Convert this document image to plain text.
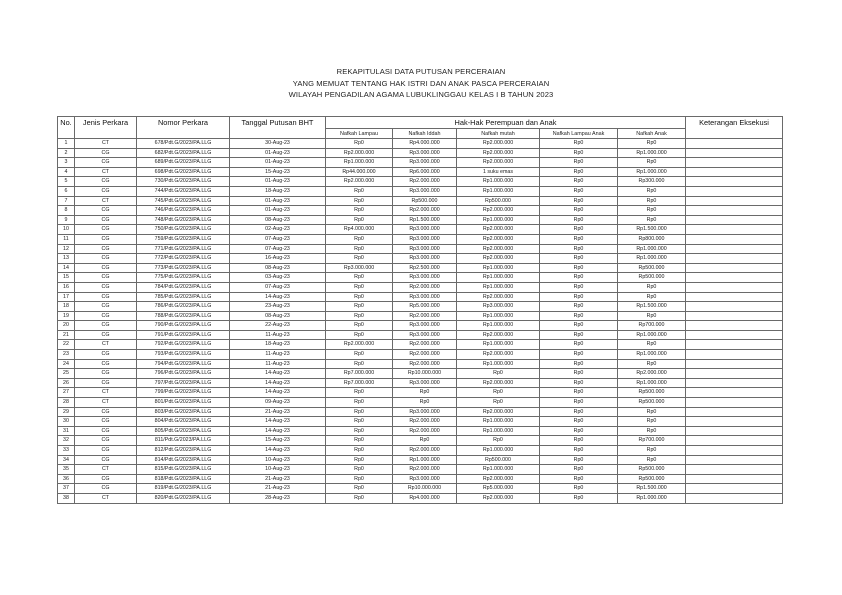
REKAPITULASI DATA PUTUSAN PERCERAIAN
YANG MEMUAT TENTANG HAK ISTRI DAN ANAK PASCA PERCERAIAN
WILAYAH PENGADILAN AGAMA LUBUKLINGGAU KELAS I B TAHUN 2023
No.	Jenis Perkara	Nomor Perkara	Tanggal Putusan BHT	Hak-Hak Perempuan dan Anak					Keterangan Eksekusi
				Nafkah Lampau	Nafkah Iddah	Nafkah mutah	Nafkah Lampau Anak	Nafkah Anak	
1	CT	678/Pdt.G/2023/PA.LLG	30-Aug-23	Rp0	Rp4.000.000	Rp2.000.000	Rp0	Rp0	
2	CG	682/Pdt.G/2023/PA.LLG	01-Aug-23	Rp2.000.000	Rp3.000.000	Rp2.000.000	Rp0	Rp1.000.000	
3	CG	689/Pdt.G/2023/PA.LLG	01-Aug-23	Rp1.000.000	Rp3.000.000	Rp2.000.000	Rp0	Rp0	
4	CT	698/Pdt.G/2023/PA.LLG	15-Aug-23	Rp44.000.000	Rp6.000.000	1 suku emas	Rp0	Rp1.000.000	
5	CG	730/Pdt.G/2023/PA.LLG	01-Aug-23	Rp2.000.000	Rp2.000.000	Rp1.000.000	Rp0	Rp300.000	
6	CG	744/Pdt.G/2023/PA.LLG	18-Aug-23	Rp0	Rp3.000.000	Rp1.000.000	Rp0	Rp0	
7	CT	745/Pdt.G/2023/PA.LLG	01-Aug-23	Rp0	Rp500.000	Rp500.000	Rp0	Rp0	
8	CG	746/Pdt.G/2023/PA.LLG	01-Aug-23	Rp0	Rp2.000.000	Rp2.000.000	Rp0	Rp0	
9	CG	748/Pdt.G/2023/PA.LLG	08-Aug-23	Rp0	Rp1.500.000	Rp1.000.000	Rp0	Rp0	
10	CG	750/Pdt.G/2023/PA.LLG	02-Aug-23	Rp4.000.000	Rp3.000.000	Rp2.000.000	Rp0	Rp1.500.000	
11	CG	759/Pdt.G/2023/PA.LLG	07-Aug-23	Rp0	Rp3.000.000	Rp2.000.000	Rp0	Rp800.000	
12	CG	771/Pdt.G/2023/PA.LLG	07-Aug-23	Rp0	Rp3.000.000	Rp2.000.000	Rp0	Rp1.000.000	
13	CG	772/Pdt.G/2023/PA.LLG	16-Aug-23	Rp0	Rp3.000.000	Rp2.000.000	Rp0	Rp1.000.000	
14	CG	773/Pdt.G/2023/PA.LLG	08-Aug-23	Rp3.000.000	Rp2.500.000	Rp1.000.000	Rp0	Rp500.000	
15	CG	775/Pdt.G/2023/PA.LLG	03-Aug-23	Rp0	Rp3.000.000	Rp1.000.000	Rp0	Rp500.000	
16	CG	784/Pdt.G/2023/PA.LLG	07-Aug-23	Rp0	Rp2.000.000	Rp1.000.000	Rp0	Rp0	
17	CG	785/Pdt.G/2023/PA.LLG	14-Aug-23	Rp0	Rp3.000.000	Rp2.000.000	Rp0	Rp0	
18	CG	786/Pdt.G/2023/PA.LLG	23-Aug-23	Rp0	Rp5.000.000	Rp3.000.000	Rp0	Rp1.500.000	
19	CG	788/Pdt.G/2023/PA.LLG	08-Aug-23	Rp0	Rp2.000.000	Rp1.000.000	Rp0	Rp0	
20	CG	790/Pdt.G/2023/PA.LLG	22-Aug-23	Rp0	Rp3.000.000	Rp1.000.000	Rp0	Rp700.000	
21	CG	791/Pdt.G/2023/PA.LLG	11-Aug-23	Rp0	Rp3.000.000	Rp2.000.000	Rp0	Rp1.000.000	
22	CT	792/Pdt.G/2023/PA.LLG	18-Aug-23	Rp2.000.000	Rp2.000.000	Rp1.000.000	Rp0	Rp0	
23	CG	793/Pdt.G/2023/PA.LLG	11-Aug-23	Rp0	Rp2.000.000	Rp2.000.000	Rp0	Rp1.000.000	
24	CG	794/Pdt.G/2023/PA.LLG	11-Aug-23	Rp0	Rp2.000.000	Rp1.000.000	Rp0	Rp0	
25	CG	796/Pdt.G/2023/PA.LLG	14-Aug-23	Rp7.000.000	Rp10.000.000	Rp0	Rp0	Rp2.000.000	
26	CG	797/Pdt.G/2023/PA.LLG	14-Aug-23	Rp7.000.000	Rp3.000.000	Rp2.000.000	Rp0	Rp1.000.000	
27	CT	799/Pdt.G/2023/PA.LLG	14-Aug-23	Rp0	Rp0	Rp0	Rp0	Rp500.000	
28	CT	801/Pdt.G/2023/PA.LLG	09-Aug-23	Rp0	Rp0	Rp0	Rp0	Rp500.000	
29	CG	803/Pdt.G/2023/PA.LLG	21-Aug-23	Rp0	Rp3.000.000	Rp2.000.000	Rp0	Rp0	
30	CG	804/Pdt.G/2023/PA.LLG	14-Aug-23	Rp0	Rp2.000.000	Rp1.000.000	Rp0	Rp0	
31	CG	805/Pdt.G/2023/PA.LLG	14-Aug-23	Rp0	Rp2.000.000	Rp1.000.000	Rp0	Rp0	
32	CG	811/Pdt.G/2023/PA.LLG	15-Aug-23	Rp0	Rp0	Rp0	Rp0	Rp700.000	
33	CG	812/Pdt.G/2023/PA.LLG	14-Aug-23	Rp0	Rp2.000.000	Rp1.000.000	Rp0	Rp0	
34	CG	814/Pdt.G/2023/PA.LLG	10-Aug-23	Rp0	Rp1.000.000	Rp500.000	Rp0	Rp0	
35	CT	815/Pdt.G/2023/PA.LLG	10-Aug-23	Rp0	Rp2.000.000	Rp1.000.000	Rp0	Rp500.000	
36	CG	818/Pdt.G/2023/PA.LLG	21-Aug-23	Rp0	Rp3.000.000	Rp2.000.000	Rp0	Rp500.000	
37	CG	819/Pdt.G/2023/PA.LLG	21-Aug-23	Rp0	Rp10.000.000	Rp5.000.000	Rp0	Rp1.500.000	
38	CT	820/Pdt.G/2023/PA.LLG	28-Aug-23	Rp0	Rp4.000.000	Rp2.000.000	Rp0	Rp1.000.000	
